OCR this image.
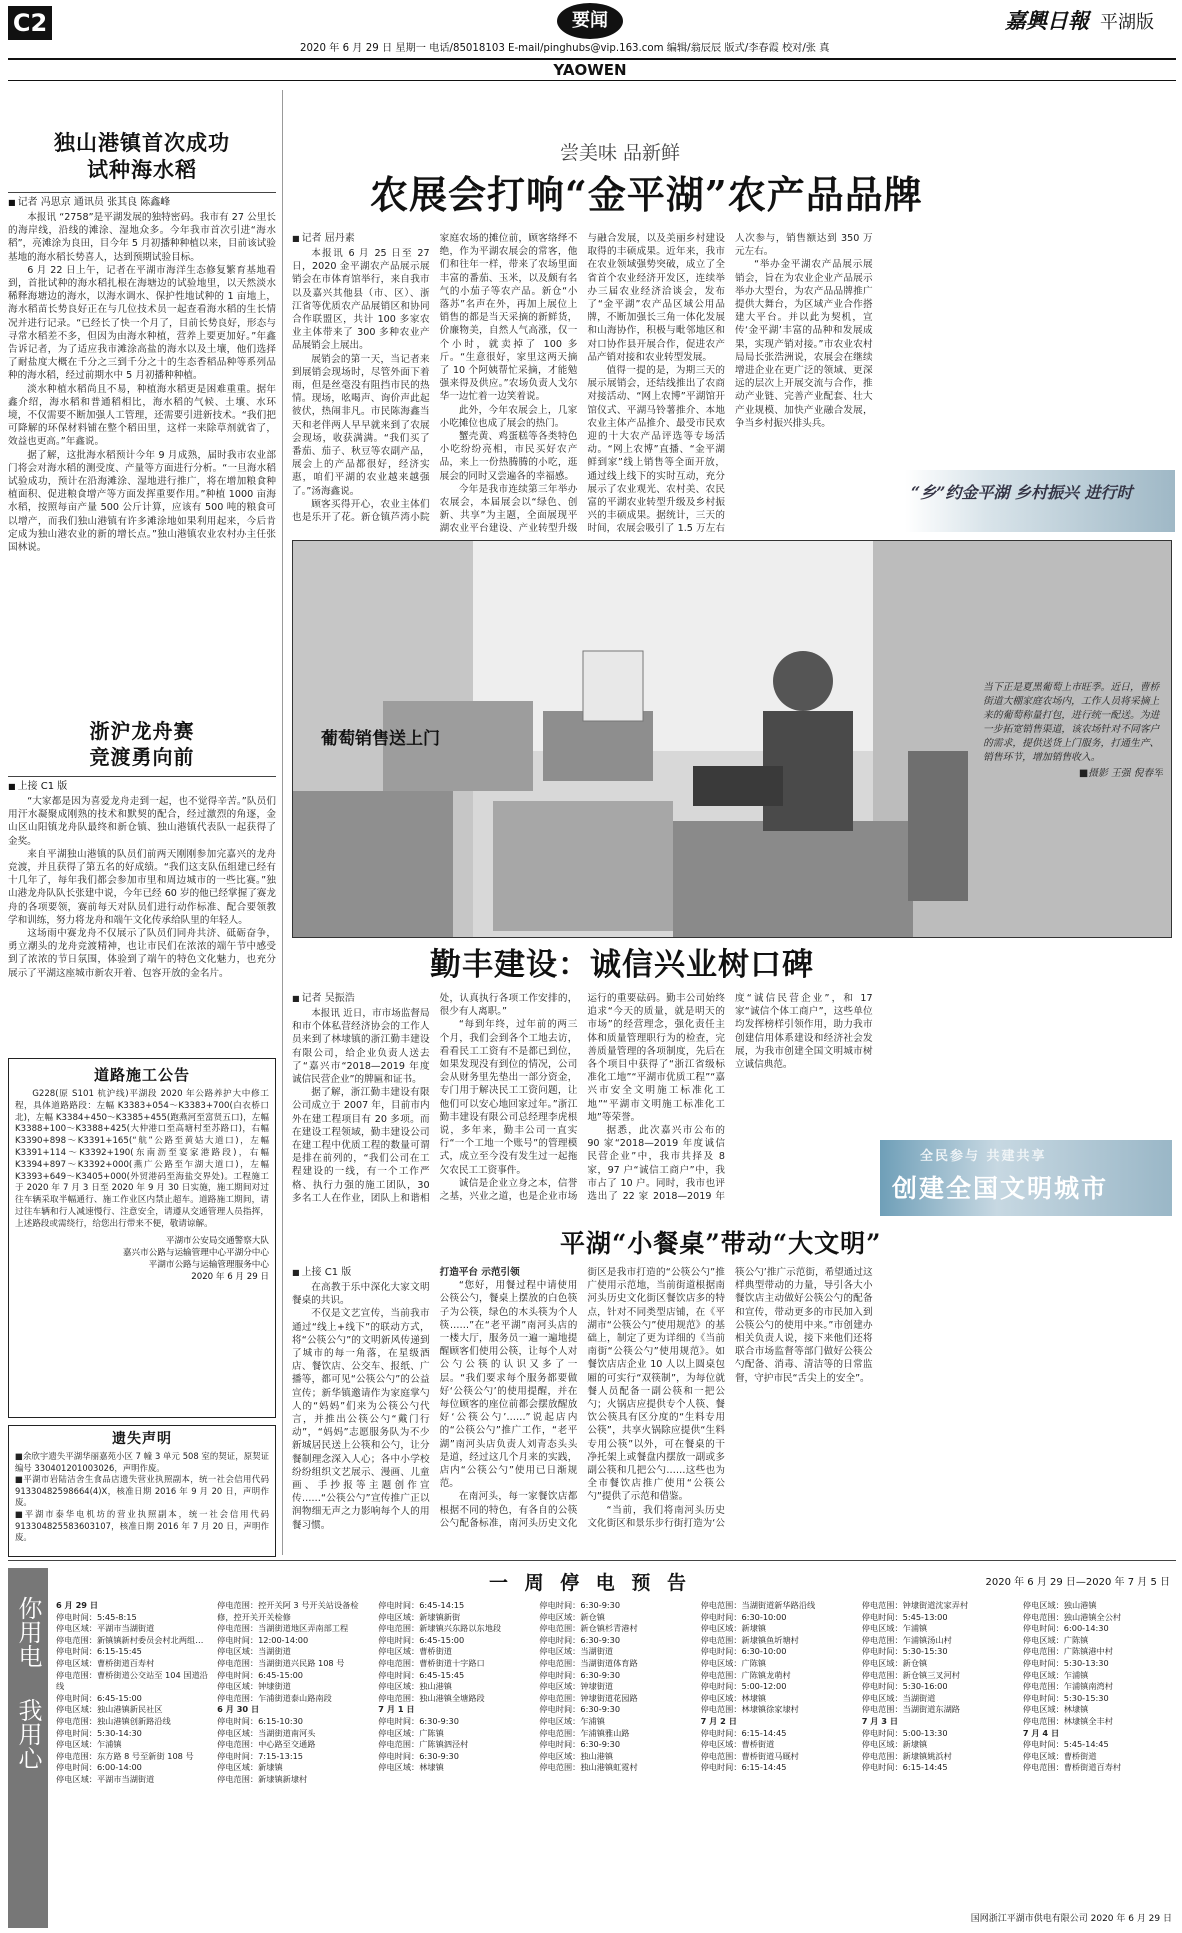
C2	要闻
2020 年 6 月 29 日 星期一 电话/85018103 E-mail/pinghubs@vip.163.com 编辑/翁辰辰 版式/李春霞 校对/张 真
嘉興日報 平湖版
YAOWEN
独山港镇首次成功
试种海水稻
■ 记者 冯思京 通讯员 张其良 陈鑫峰

本报讯 “2758”是平湖发展的独特密码。我市有 27 公里长的海岸线，沿线的滩涂、湿地众多。今年我市首次引进“海水稻”，亮滩涂为良田，目今年 5 月初播种种植以来，目前该试验基地的海水稻长势喜人，达到预期试验目标。

6 月 22 日上午，记者在平湖市海洋生态修复繁育基地看到，首批试种的海水稻扎根在海塘边的试验地里，以天然淡水稀释海塘边的海水，以海水调水、保护性地试种的 1 亩地上，海水稻苗长势良好正在与几位技术员一起查看海水稻的生长情况并进行记录。“已经长了快一个月了，目前长势良好，形态与寻常水稻差不多，但因为由海水种植，营养上要更加好。”年鑫告诉记者，为了适应我市滩涂高盐的海水以及土壤，他们选择了耐盐度大概在千分之三到千分之十的生态香稻品种等系列品种的海水稻，经过前期水中 5 月初播种种植。

淡水种植水稻尚且不易，种植海水稻更是困难重重。据年鑫介绍，海水稻和普通稻相比，海水稻的气候、土壤、水环境，不仅需要不断加强人工管理，还需要引进新技术。“我们把可降解的环保材料铺在整个稻田里，这样一来除草剂就省了，效益也更高。”年鑫说。

据了解，这批海水稻预计今年 9 月成熟，届时我市农业部门将会对海水稻的测受度、产量等方面进行分析。“一旦海水稻试验成功，预计在沿海滩涂、湿地进行推广，将在增加粮食种植面积、促进粮食增产等方面发挥重要作用。”种植 1000 亩海水稻，按照每亩产量 500 公斤计算，应该有 500 吨的粮食可以增产，而我们独山港镇有许多滩涂地如果利用起来，今后肯定成为独山港农业的新的增长点。”独山港镇农业农村办主任张国林说。

浙沪龙舟赛
竞渡勇向前
■ 上接 C1 版

“大家都是因为喜爱龙舟走到一起，也不觉得辛苦。”队员们用汗水凝聚成刚熟的技术和默契的配合，经过激烈的角逐，金山区山阳镇龙舟队最终和新仓镇、独山港镇代表队一起获得了金奖。

来自平湖独山港镇的队员们前两天刚刚参加完嘉兴的龙舟竞渡，并且获得了第五名的好成绩。“我们这支队伍组建已经有十几年了，每年我们都会参加市里和周边城市的一些比赛。”独山港龙舟队队长张建中说，今年已经 60 岁的他已经掌握了赛龙舟的各项要领，赛前每天对队员们进行动作标准、配合要领教学和训练，努力将龙舟和端午文化传承给队里的年轻人。

这场雨中赛龙舟不仅展示了队员们同舟共济、砥砺奋争，勇立潮头的龙舟竞渡精神，也让市民们在浓浓的端午节中感受到了浓浓的节日氛围，体验到了端午的特色文化魅力，也充分展示了平湖这座城市新农开着、包容开放的金名片。

道路施工公告
G228(原 S101 杭沪线)平湖段 2020 年公路养护大中修工程，具体道路路段：左幅 K3383+054～K3383+700(白衣桥口北)，左幅 K3384+450～K3385+455(跑燕河至富贤五口)，左幅 K3388+100～K3388+425(大仲港口至高塘村至苏路口)，右幅 K3390+898～K3391+165(“航”公路至黄姑大道口)，左幅 K3391+114～K3392+190(东南沥至宴家港路段)，右幅 K3394+897～K3392+000(燕广公路至乍湖大道口)，左幅 K3393+649～K3405+000(外贸港码至海盐交界处)。工程施工于 2020 年 7 月 3 日至 2020 年 9 月 30 日实施，施工期间对过往车辆采取半幅通行、施工作业区内禁止超车。道路施工期间，请过往车辆和行人减速慢行、注意安全，请遵从交通管理人员指挥，上述路段或需绕行，给您出行带来不便，敬请谅解。
平湖市公安局交通警察大队
嘉兴市公路与运输管理中心平湖分中心
平湖市公路与运输管理服务中心
2020 年 6 月 29 日
遗失声明
■余欣宇遗失平湖华丽嘉苑小区 7 幢 3 单元 508 室的契证，原契证编号 330401201003026，声明作废。
■平湖市岩陆洁舍生食品店遗失营业执照副本，统一社会信用代码 91330482598664(4)X，核准日期 2016 年 9 月 20 日，声明作废。
■平湖市泰华电机坊的营业执照副本，统一社会信用代码 913304825583603107，核准日期 2016 年 7 月 20 日，声明作废。
尝美味 品新鲜
农展会打响“金平湖”农产品品牌
■ 记者 屈丹素

本报讯 6 月 25 日至 27 日，2020 金平湖农产品展示展销会在市体育馆举行，来自我市以及嘉兴其他县（市、区）、浙江省等优质农产品展销区和协同合作联盟区，共计 100 多家农业主体带来了 300 多种农业产品展销会上展出。

展销会的第一天，当记者来到展销会现场时，尽管外面下着雨，但是丝毫没有阻挡市民的热情。现场，吆喝声、询价声此起彼伏，热闹非凡。市民陈海鑫当天和老伴两人早早就来到了农展会现场，收获满满。“我们买了番茄、茄子、秋豆等农副产品，展会上的产品都很好，经济实惠，咱们平湖的农业越来越强了。”汤海鑫说。

顾客买得开心，农业主体们也是乐开了花。新仓镇芦湾小院家庭农场的摊位前，顾客络绎不绝，作为平湖农展会的常客，他们和往年一样，带来了农场里面丰富的番茄、玉米，以及颇有名气的小茄子等农产品。新仓“小落苏”名声在外，再加上展位上销售的都是当天采摘的新鲜货，价廉物美，自然人气高涨，仅一个小时，就卖掉了 100 多斤。“生意很好，家里这两天摘了 10 个阿姨帮忙采摘，才能勉强来得及供应。”农场负责人戈尔华一边忙着一边笑着说。

此外，今年农展会上，几家小吃摊位也成了展会的热门。

蟹壳黄、鸡蛋糕等各类特色小吃纷纷亮相，市民买好农产品，来上一份热腾腾的小吃，逛展会的同时又尝遍各的幸福感。

今年是我市连续第三年举办农展会，本届展会以“绿色、创新、共享”为主题，全面展现平湖农业平台建设、产业转型升级与融合发展，以及美丽乡村建设取得的丰硕成果。近年来，我市在农业领域强势突破，成立了全省首个农业经济开发区，连续举办三届农业经济洽谈会，发布了“金平湖”农产品区域公用品牌，不断加强长三角一体化发展和山海协作，积极与毗邻地区和对口协作县开展合作，促进农产品产销对接和农业转型发展。

值得一提的是，为期三天的展示展销会，还结线推出了农商对接活动、“网上农博”平湖馆开馆仪式、平湖马铃薯推介、本地农业主体产品推介、最受市民欢迎的十大农产品评选等专场活动。“网上农博”直播、“金平湖鲜到家”线上销售等全面开放，通过线上线下的实时互动，充分展示了农业观光、农村美、农民富的平湖农业转型升级及乡村振兴的丰硕成果。据统计，三天的时间，农展会吸引了 1.5 万左右人次参与，销售额达到 350 万元左右。

“举办金平湖农产品展示展销会，旨在为农业企业产品展示举办大型台，为农产品品牌推广提供大舞台，为区域产业合作搭建大平台。并以此为契机，宣传‘金平湖’丰富的品种和发展成果，实现产销对接。”市农业农村局局长张浩洲说，农展会在继续增进企业在更广泛的领域、更深远的层次上开展交流与合作，推动产业链、完善产业配套、壮大产业规模、加快产业融合发展，争当乡村振兴排头兵。

“乡”约金平湖 乡村振兴 进行时
葡萄销售送上门
当下正是夏黑葡萄上市旺季。近日，曹桥街道大棚家庭农场内，工作人员将采摘上来的葡萄称量打包，进行统一配送。为进一步拓宽销售渠道，该农场针对不同客户的需求，提供送货上门服务，打通生产、销售环节，增加销售收入。
■摄影 王强 倪春军
勤丰建设：诚信兴业树口碑
■ 记者 吴振浩

本报讯 近日，市市场监督局和市个体私营经济协会的工作人员来到了林埭镇的浙江勤丰建设有限公司，给企业负责人送去了“嘉兴市“2018—2019 年度诚信民营企业”的牌匾和证书。

据了解，浙江勤丰建设有限公司成立于 2007 年，目前市内外在建工程项目有 20 多项。而在建设工程领域，勤丰建设公司在建工程中优质工程的数量可谓是排在前列的，“我们公司在工程建设的一线，有一个工作严格、执行力强的施工团队，30 多名工人在作业，团队上和谐相处，认真执行各项工作安排的，很少有人离职。”

“每到年终，过年前的两三个月，我们会到各个工地去访，看看民工工资有不是都已到位，如果发现没有到位的情况，公司会从财务里先垫出一部分资金，专门用于解决民工工资问题，让他们可以安心地回家过年。”浙江勤丰建设有限公司总经理李虎根说，多年来，勤丰公司一直实行“一个工地一个账号”的管理模式，成立至今没有发生过一起拖欠农民工工资事件。

诚信是企业立身之本，信誉之基，兴业之道，也是企业市场运行的重要砝码。勤丰公司始终追求“今天的质量，就是明天的市场”的经营理念，强化责任主体和质量管理职行为的检查，完善质量管理的各项制度，先后在各个项目中获得了“浙江省级标准化工地”“平湖市优质工程”“嘉兴市安全文明施工标准化工地”“平湖市文明施工标准化工地”等荣誉。

据悉，此次嘉兴市公布的 90 家“2018—2019 年度诚信民营企业”中，我市共择及 8 家，97 户“诚信工商户”中，我市占了 10 户。同时，我市也评选出了 22 家 2018—2019 年度“诚信民营企业”，和 17 家“诚信个体工商户”，这些单位均发挥榜样引领作用，助力我市创建信用体系建设和经济社会发展，为我市创建全国文明城市树立诚信典范。

全民参与 共建共享
创建全国文明城市
平湖“小餐桌”带动“大文明”
■ 上接 C1 版

在高教于乐中深化大家文明餐桌的共识。

不仅是文艺宣传，当前我市通过“线上+线下”的联动方式，将“公筷公勺”的文明新风传递到了城市的每一角落，在星级酒店、餐饮店、公交车、报纸、广播等，都可见“公筷公勺”的公益宣传；新华镇邀请作为家庭掌勺人的“妈妈”们来为公筷公勺代言，并推出公筷公勺“戴门行动”，“妈妈”志愿服务队为不少新城居民送上公筷和公勺，让分餐制理念深入人心；各中小学校纷纷组织文艺展示、漫画、儿童画、手抄报等主题创作宣传……“公筷公勺”宣传推广正以润物细无声之力影响每个人的用餐习惯。

打造平台 示范引领

“您好，用餐过程中请使用公筷公勺，餐桌上摆放的白色筷子为公筷，绿色的木头筷为个人筷……”在“老平湖”南河头店的一楼大厅，服务员一遍一遍地提醒顾客们使用公筷，让每个人对公勺公筷的认识又多了一层。“我们要求每个服务都要做好‘公筷公勺’的使用提醒，并在每位顾客的座位前都会摆放醒放好‘公筷公勺’……”说起店内的“公筷公勺”推广工作，“老平湖”南河头店负责人刘青态头头是道，经过这几个月来的实践，店内“公筷公勺”使用已日渐规范。

在南河头，每一家餐饮店都根据不同的特色，有各自的公筷公勺配备标准，南河头历史文化街区是我市打造的“公筷公勺”推广使用示范地，当前街道根据南河头历史文化街区餐饮店多的特点，针对不同类型店铺，在《平湖市“公筷公勺”使用规范》的基础上，制定了更为详细的《当前南街“公筷公勺”使用规范》。如餐饮店店企业 10 人以上圆桌包厢的可实行“双筷制”，为每位就餐人员配备一副公筷和一把公勺；火锅店应提供专个人筷、餐饮公筷具有区分度的“生料专用公筷”，共享火锅除应提供“生料专用公筷”以外，可在餐桌的干净托架上或餐盘内摆放一副或多副公筷和几把公勺……这些也为全市餐饮店推广使用“公筷公勺”提供了示范和借鉴。

“当前，我们将南河头历史文化街区和景乐步行街打造为‘公筷公勺’推广示范街，希望通过这样典型带动的力量，导引各大小餐饮店主动做好公筷公勺的配备和宣传，带动更多的市民加入到公筷公勺的使用中来。”市创建办相关负责人说，接下来他们还将联合市场监督等部门做好公筷公勺配备、消毒、清洁等的日常监督，守护市民“舌尖上的安全”。

你用电
我用心
一 周 停 电 预 告	2020 年 6 月 29 日—2020 年 7 月 5 日
6 月 29 日
停电时间：5:45-8:15
停电区域：平湖市当湖街道
停电范围：新镇镇新村委员会村北两组…
停电时间：6:15-15:45
停电区域：曹桥街道百寿村
停电范围：曹桥街道公交站至 104 国道沿线
停电时间：6:45-15:00
停电区域：独山港镇新民社区
停电范围：独山港镇创新路沿线
停电时间：5:30-14:30
停电区域：乍浦镇
停电范围：东方路 8 号至新街 108 号
停电时间：6:00-14:00
停电区域：平湖市当湖街道
停电范围：控开关阿 3 号开关站设备检修，控开关开关检修
停电范围：当湖街道地区弄南部工程
停电时间：12:00-14:00
停电区域：当湖街道
停电范围：当湖街道兴民路 108 号
停电时间：6:45-15:00
停电区域：钟埭街道
停电范围：乍浦街道泰山路南段
6 月 30 日
停电时间：6:15-10:30
停电区域：当湖街道南河头
停电范围：中心路至交通路
停电时间：7:15-13:15
停电区域：新埭镇
停电范围：新埭镇新埭村
停电时间：6:45-14:15
停电区域：新埭镇新街
停电范围：新埭镇兴东路以东地段
停电时间：6:45-15:00
停电区域：曹桥街道
停电范围：曹桥街道十字路口
停电时间：6:45-15:45
停电区域：独山港镇
停电范围：独山港镇全塘路段
7 月 1 日
停电时间：6:30-9:30
停电区域：广陈镇
停电范围：广陈镇泗泾村
停电时间：6:30-9:30
停电区域：林埭镇
停电时间：6:30-9:30
停电区域：新仓镇
停电范围：新仓镇杉青港村
停电时间：6:30-9:30
停电区域：当湖街道
停电范围：当湖街道体育路
停电时间：6:30-9:30
停电区域：钟埭街道
停电范围：钟埭街道花园路
停电时间：6:30-9:30
停电区域：乍浦镇
停电范围：乍浦镇雅山路
停电时间：6:30-9:30
停电区域：独山港镇
停电范围：独山港镇虹霓村
停电范围：当湖街道新华路沿线
停电时间：6:30-10:00
停电区域：新埭镇
停电范围：新埭镇鱼圻塘村
停电时间：6:30-10:00
停电区域：广陈镇
停电范围：广陈镇龙萌村
停电时间：5:00-12:00
停电区域：林埭镇
停电范围：林埭镇徐家埭村
7 月 2 日
停电时间：6:15-14:45
停电区域：曹桥街道
停电范围：曹桥街道马厩村
停电时间：6:15-14:45
停电范围：钟埭街道沈家弄村
停电时间：5:45-13:00
停电区域：乍浦镇
停电范围：乍浦镇汤山村
停电时间：5:30-15:30
停电区域：新仓镇
停电范围：新仓镇三叉河村
停电时间：5:30-16:00
停电区域：当湖街道
停电范围：当湖街道东湖路
7 月 3 日
停电时间：5:00-13:30
停电区域：新埭镇
停电范围：新埭镇姚浜村
停电时间：6:15-14:45
停电区域：独山港镇
停电范围：独山港镇全公村
停电时间：6:00-14:30
停电区域：广陈镇
停电范围：广陈镇港中村
停电时间：5:30-13:30
停电区域：乍浦镇
停电范围：乍浦镇南湾村
停电时间：5:30-15:30
停电区域：林埭镇
停电范围：林埭镇全丰村
7 月 4 日
停电时间：5:45-14:45
停电区域：曹桥街道
停电范围：曹桥街道百寿村
国网浙江平湖市供电有限公司 2020 年 6 月 29 日
